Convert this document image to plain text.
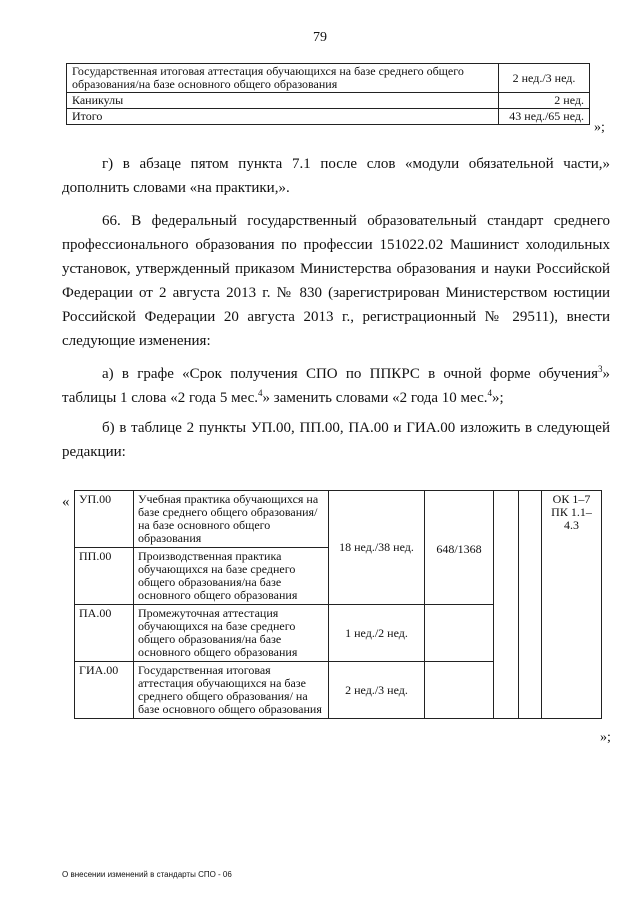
79
Государственная итоговая аттестация обучающихся на базе среднего общего образования/на базе основного общего образования	2 нед./3 нед.
Каникулы	2 нед.
Итого	43 нед./65 нед.
»;
г) в абзаце пятом пункта 7.1 после слов «модули обязательной части,» дополнить словами «на практики,».
66. В федеральный государственный образовательный стандарт среднего профессионального образования по профессии 151022.02 Машинист холодильных установок, утвержденный приказом Министерства образования и науки Российской Федерации от 2 августа 2013 г. № 830 (зарегистрирован Министерством юстиции Российской Федерации 20 августа 2013 г., регистрационный № 29511), внести следующие изменения:
а) в графе «Срок получения СПО по ППКРС в очной форме обучения$^3$» таблицы 1 слова «2 года 5 мес.$^4$» заменить словами «2 года 10 мес.$^4$»;
б) в таблице 2 пункты УП.00, ПП.00, ПА.00 и ГИА.00 изложить в следующей редакции:
« УП.00	Учебная практика обучающихся на базе среднего общего образования/на базе основного общего образования	18 нед./38 нед.	648/1368			ОК 1–7
ПК 1.1–4.3

ПП.00	Производственная практика обучающихся на базе среднего общего образования/на базе основного общего образования					
ПА.00	Промежуточная аттестация обучающихся на базе среднего общего образования/на базе основного общего образования	1 нед./2 нед.				
ГИА.00	Государственная итоговая аттестация обучающихся на базе среднего общего образования/ на базе основного общего образования	2 нед./3 нед.				
»;
О внесении изменений в стандарты СПО - 06
